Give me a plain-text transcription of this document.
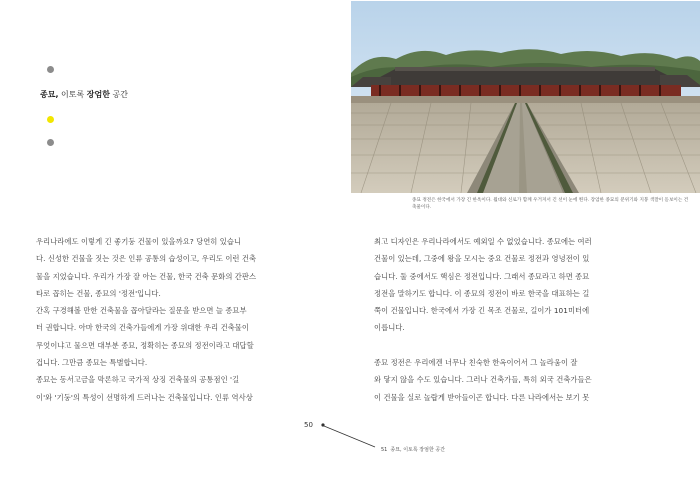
종묘, 이토록 장엄한 공간
종묘 정전은 한국에서 가장 긴 한옥이다. 월대와 신로가 함께 우거져서 긴 선이 눈에 띈다. 장엄한 종묘의 분위기와 지붕 색깔이 돋보이는 건축물이다.
우리나라에도 이렇게 긴 좋기둥 건물이 있을까요? 당연히 있습니
다. 신성한 건물을 짓는 것은 인류 공통의 습성이고, 우리도 이런 건축
물을 지었습니다. 우리가 가장 잘 아는 건물, 한국 건축 문화의 간판스
타로 꼽히는 건물, 종묘의 '정전'입니다.
간혹 구경해볼 만한 건축물을 꼽아달라는 질문을 받으면 늘 종묘부
터 권합니다. 아마 한국의 건축가들에게 가장 위대한 우리 건축물이
무엇이냐고 물으면 대부분 종묘, 정확히는 종묘의 정전이라고 대답할
겁니다. 그만큼 종묘는 특별합니다.
종묘는 동서고금을 막론하고 국가적 상징 건축물의 공통점인 '길
이'와 '기둥'의 특성이 선명하게 드러나는 건축물입니다. 인류 역사상
최고 디자인은 우리나라에서도 예외일 수 없었습니다. 종묘에는 여러
건물이 있는데, 그중에 왕을 모시는 중요 건물로 정전과 영녕전이 있
습니다. 둘 중에서도 핵심은 정전입니다. 그래서 종묘라고 하면 종묘
정전을 말하기도 합니다. 이 종묘의 정전이 바로 한국을 대표하는 길
쭉이 건물입니다. 한국에서 가장 긴 목조 건물로, 길이가 101미터에
이릅니다.
종묘 정전은 우리에겐 너무나 친숙한 한옥이어서 그 놀라움이 잘
와 닿지 않을 수도 있습니다. 그러나 건축가들, 특히 외국 건축가들은
이 건물을 실로 놀랍게 받아들이곤 합니다. 다른 나라에서는 보기 못
50
51 종묘, 이토록 장엄한 공간
